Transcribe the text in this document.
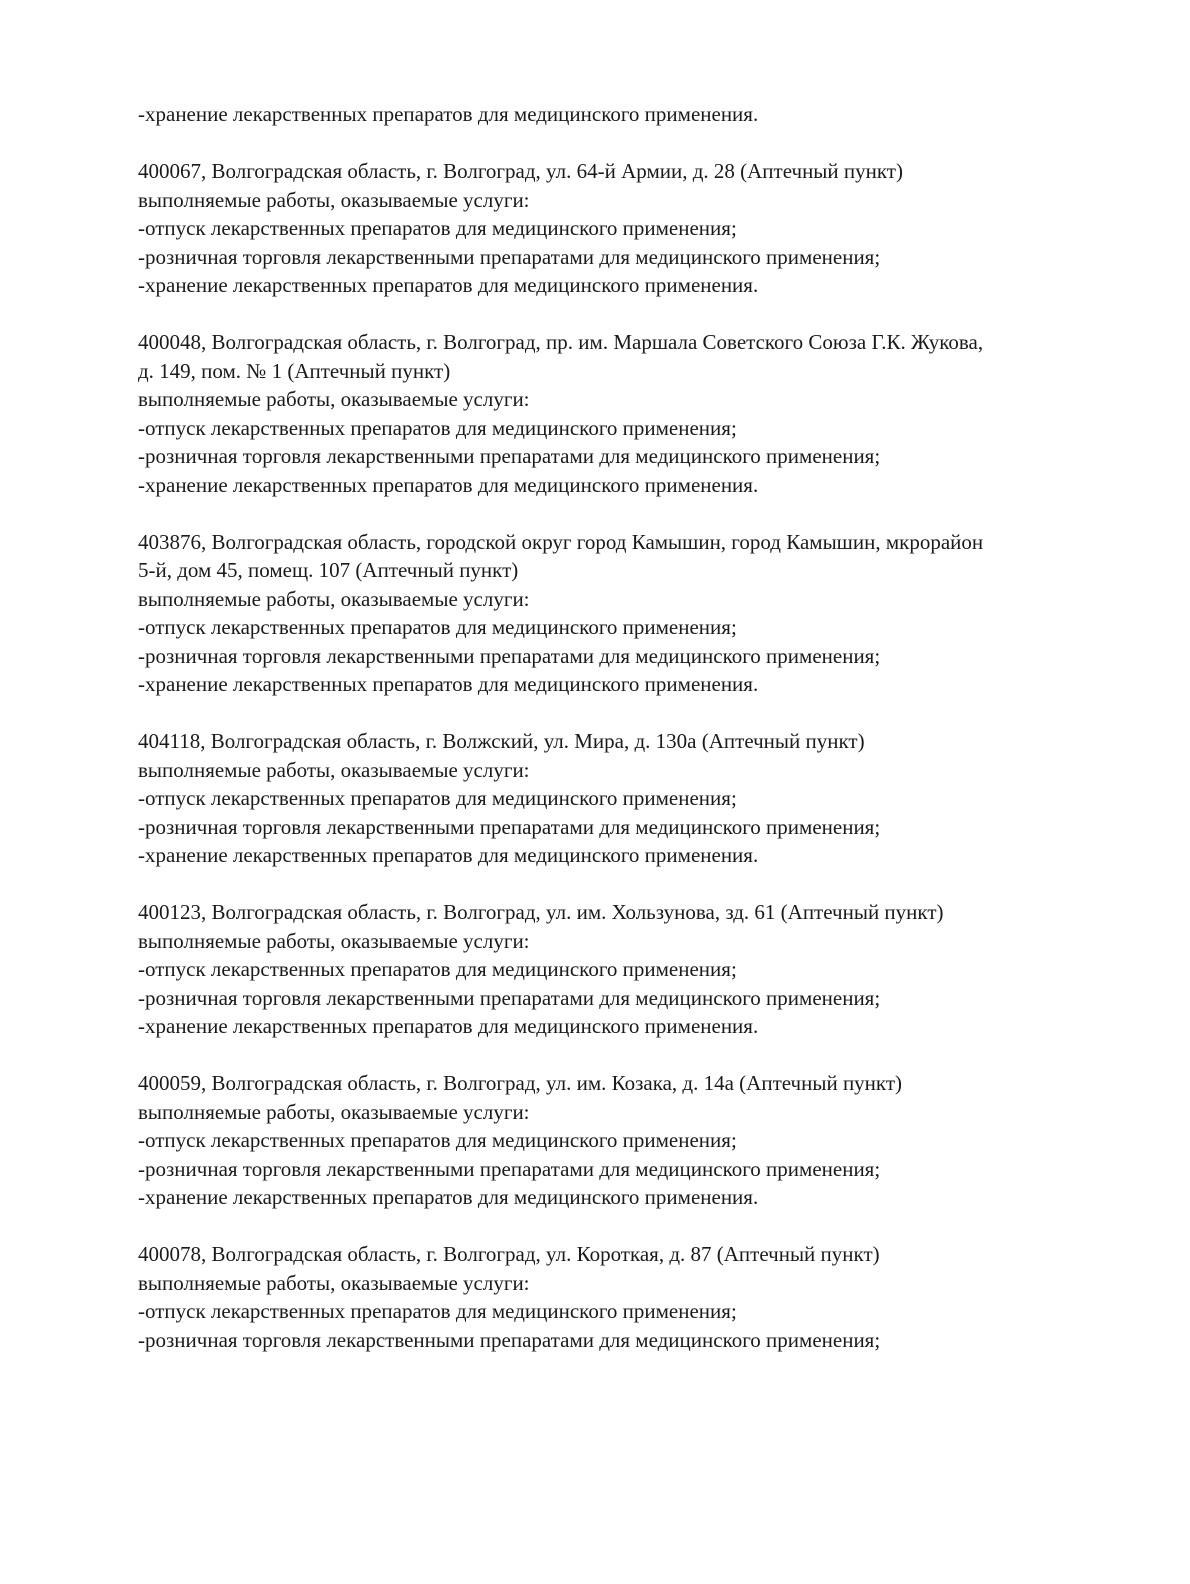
-хранение лекарственных препаратов для медицинского применения.
400067, Волгоградская область, г. Волгоград, ул. 64-й Армии, д. 28 (Аптечный пункт)
выполняемые работы, оказываемые услуги:
-отпуск лекарственных препаратов для медицинского применения;
-розничная торговля лекарственными препаратами для медицинского применения;
-хранение лекарственных препаратов для медицинского применения.
400048, Волгоградская область, г. Волгоград, пр. им. Маршала Советского Союза Г.К. Жукова,
д. 149, пом. № 1 (Аптечный пункт)
выполняемые работы, оказываемые услуги:
-отпуск лекарственных препаратов для медицинского применения;
-розничная торговля лекарственными препаратами для медицинского применения;
-хранение лекарственных препаратов для медицинского применения.
403876, Волгоградская область, городской округ город Камышин, город Камышин, мкрорайон
5-й, дом 45, помещ. 107 (Аптечный пункт)
выполняемые работы, оказываемые услуги:
-отпуск лекарственных препаратов для медицинского применения;
-розничная торговля лекарственными препаратами для медицинского применения;
-хранение лекарственных препаратов для медицинского применения.
404118, Волгоградская область, г. Волжский, ул. Мира, д. 130а (Аптечный пункт)
выполняемые работы, оказываемые услуги:
-отпуск лекарственных препаратов для медицинского применения;
-розничная торговля лекарственными препаратами для медицинского применения;
-хранение лекарственных препаратов для медицинского применения.
400123, Волгоградская область, г. Волгоград, ул. им. Хользунова, зд. 61 (Аптечный пункт)
выполняемые работы, оказываемые услуги:
-отпуск лекарственных препаратов для медицинского применения;
-розничная торговля лекарственными препаратами для медицинского применения;
-хранение лекарственных препаратов для медицинского применения.
400059, Волгоградская область, г. Волгоград, ул. им. Козака, д. 14а (Аптечный пункт)
выполняемые работы, оказываемые услуги:
-отпуск лекарственных препаратов для медицинского применения;
-розничная торговля лекарственными препаратами для медицинского применения;
-хранение лекарственных препаратов для медицинского применения.
400078, Волгоградская область, г. Волгоград, ул. Короткая, д. 87 (Аптечный пункт)
выполняемые работы, оказываемые услуги:
-отпуск лекарственных препаратов для медицинского применения;
-розничная торговля лекарственными препаратами для медицинского применения;
